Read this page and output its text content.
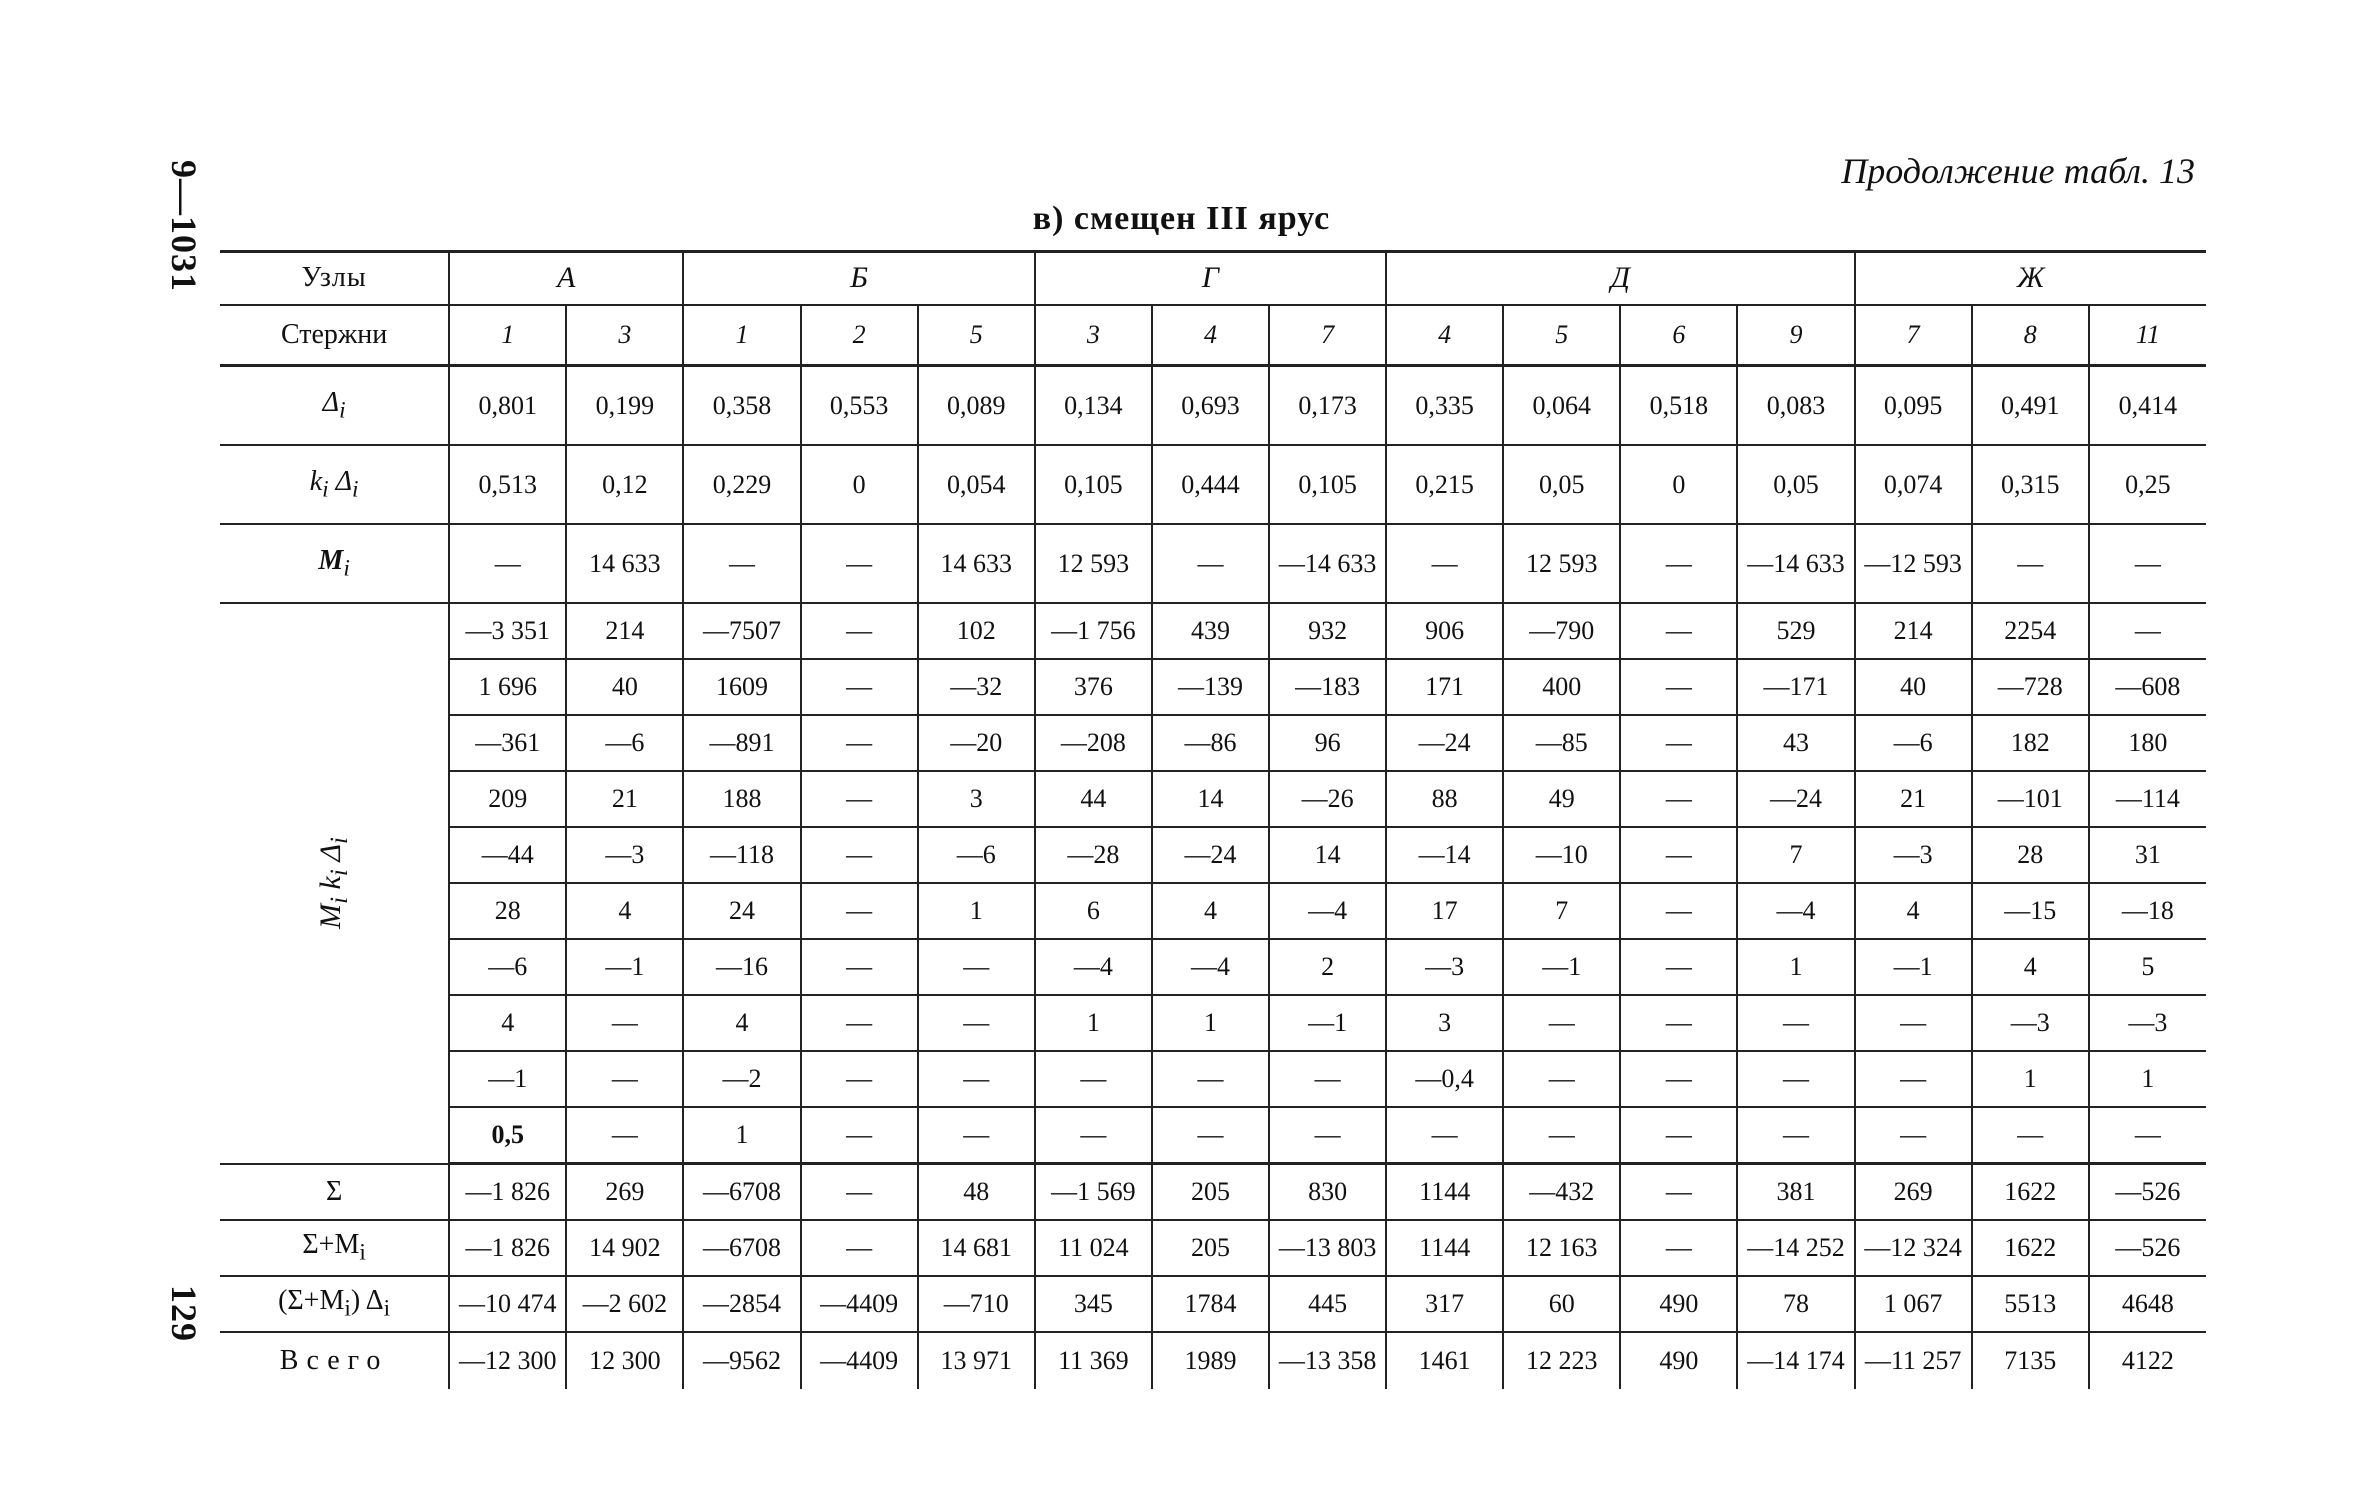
9—1031
129
Продолжение табл. 13
в) смещен III ярус
Узлы	А		Б			Г			Д				Ж		
Стержни	1	3	1	2	5	3	4	7	4	5	6	9	7	8	11
$\Delta_i$	0,801	0,199	0,358	0,553	0,089	0,134	0,693	0,173	0,335	0,064	0,518	0,083	0,095	0,491	0,414
$k_i$ $\Delta_i$	0,513	0,12	0,229	0	0,054	0,105	0,444	0,105	0,215	0,05	0	0,05	0,074	0,315	0,25
$M_i$	—	14 633	—	—	14 633	12 593	—	—14 633	—	12 593	—	—14 633	—12 593	—	—
$M_i$ $k_i$ $\Delta_i$	—3 351	214	—7507	—	102	—1 756	439	932	906	—790	—	529	214	2254	—
	1 696	40	1609	—	—32	376	—139	—183	171	400	—	—171	40	—728	—608
	—361	—6	—891	—	—20	—208	—86	96	—24	—85	—	43	—6	182	180
	209	21	188	—	3	44	14	—26	88	49	—	—24	21	—101	—114
	—44	—3	—118	—	—6	—28	—24	14	—14	—10	—	7	—3	28	31
	28	4	24	—	1	6	4	—4	17	7	—	—4	4	—15	—18
	—6	—1	—16	—	—	—4	—4	2	—3	—1	—	1	—1	4	5
	4	—	4	—	—	1	1	—1	3	—	—	—	—	—3	—3
	—1	—	—2	—	—	—	—	—	—0,4	—	—	—	—	1	1
	0,5	—	1	—	—	—	—	—	—	—	—	—	—	—	—
Σ	—1 826	269	—6708	—	48	—1 569	205	830	1144	—432	—	381	269	1622	—526
$\Sigma+M_i$	—1 826	14 902	—6708	—	14 681	11 024	205	—13 803	1144	12 163	—	—14 252	—12 324	1622	—526
$(\Sigma+M_i)$ $\Delta_i$	—10 474	—2 602	—2854	—4409	—710	345	1784	445	317	60	490	78	1 067	5513	4648
Всего	—12 300	12 300	—9562	—4409	13 971	11 369	1989	—13 358	1461	12 223	490	—14 174	—11 257	7135	4122
